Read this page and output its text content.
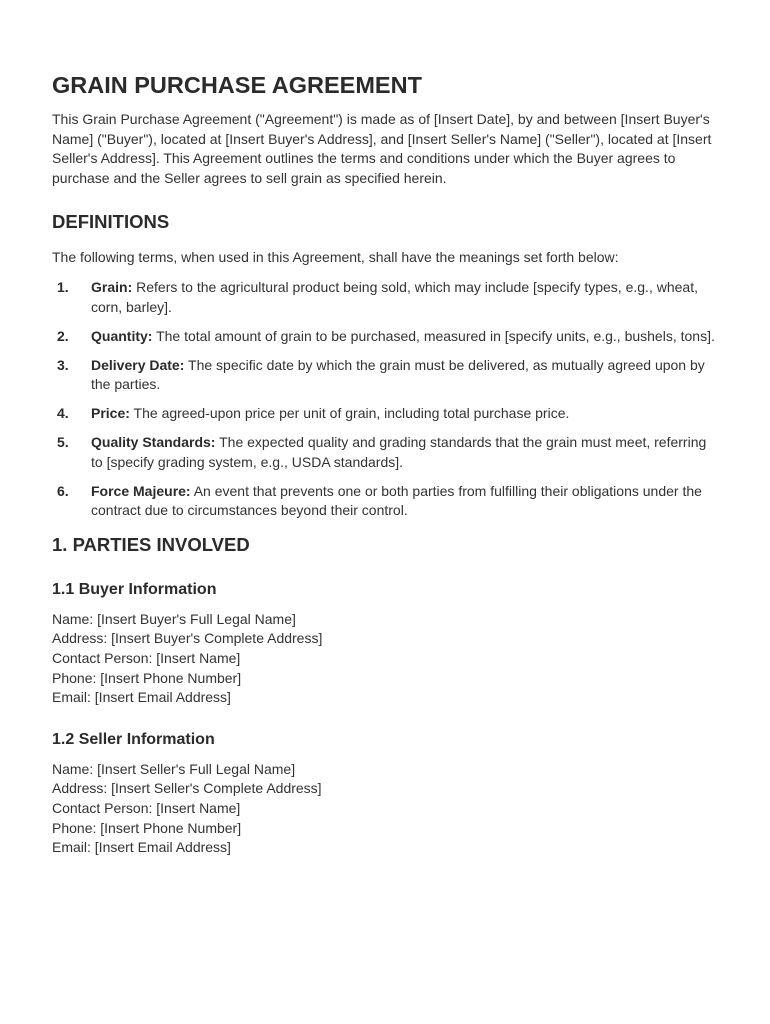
GRAIN PURCHASE AGREEMENT

This Grain Purchase Agreement ("Agreement") is made as of [Insert Date], by and between [Insert Buyer's Name] ("Buyer"), located at [Insert Buyer's Address], and [Insert Seller's Name] ("Seller"), located at [Insert Seller's Address]. This Agreement outlines the terms and conditions under which the Buyer agrees to purchase and the Seller agrees to sell grain as specified herein.

DEFINITIONS

The following terms, when used in this Agreement, shall have the meanings set forth below:

1. Grain: Refers to the agricultural product being sold, which may include [specify types, e.g., wheat, corn, barley].
2. Quantity: The total amount of grain to be purchased, measured in [specify units, e.g., bushels, tons].
3. Delivery Date: The specific date by which the grain must be delivered, as mutually agreed upon by the parties.
4. Price: The agreed-upon price per unit of grain, including total purchase price.
5. Quality Standards: The expected quality and grading standards that the grain must meet, referring to [specify grading system, e.g., USDA standards].
6. Force Majeure: An event that prevents one or both parties from fulfilling their obligations under the contract due to circumstances beyond their control.
1. PARTIES INVOLVED
1.1 Buyer Information
Name: [Insert Buyer's Full Legal Name]
Address: [Insert Buyer's Complete Address]
Contact Person: [Insert Name]
Phone: [Insert Phone Number]
Email: [Insert Email Address]
1.2 Seller Information
Name: [Insert Seller's Full Legal Name]
Address: [Insert Seller's Complete Address]
Contact Person: [Insert Name]
Phone: [Insert Phone Number]
Email: [Insert Email Address]
